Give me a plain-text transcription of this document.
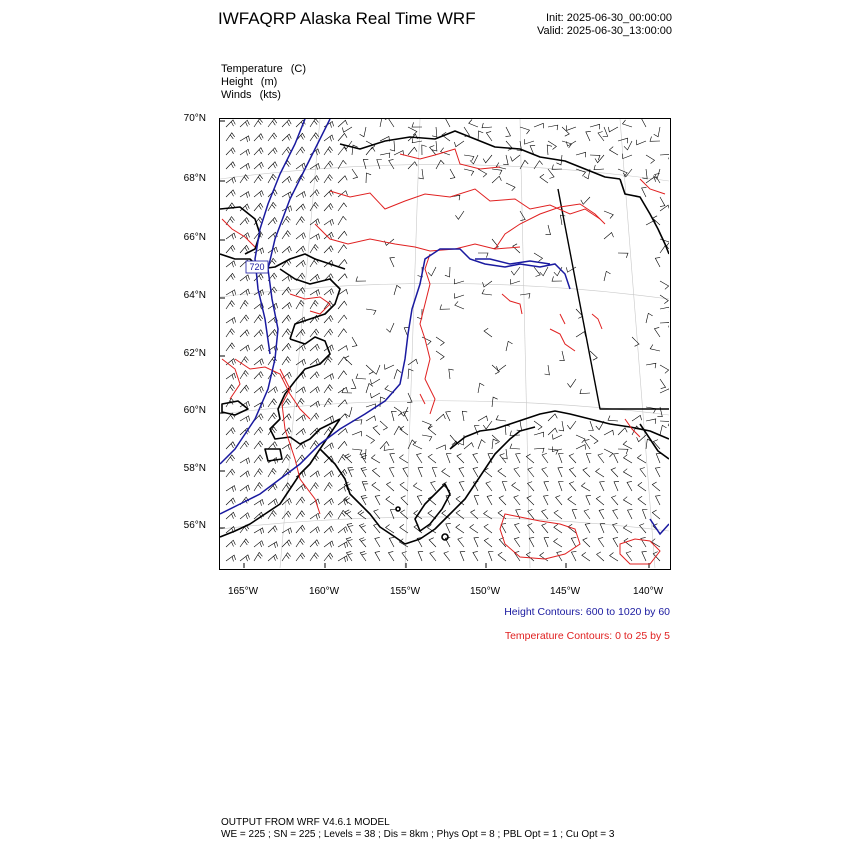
IWFAQRP Alaska Real Time WRF	Init: 2025-06-30_00:00:00
Valid: 2025-06-30_13:00:00
Temperature (C)
Height (m)
Winds (kts)
70°N
68°N
66°N
64°N
62°N
60°N
58°N
56°N
165°W	160°W	155°W	150°W	145°W	140°W
720
Height Contours: 600 to 1020 by 60
Temperature Contours: 0 to 25 by 5
OUTPUT FROM WRF V4.6.1 MODEL
WE = 225 ; SN = 225 ; Levels = 38 ; Dis = 8km ; Phys Opt = 8 ; PBL Opt = 1 ; Cu Opt = 3
